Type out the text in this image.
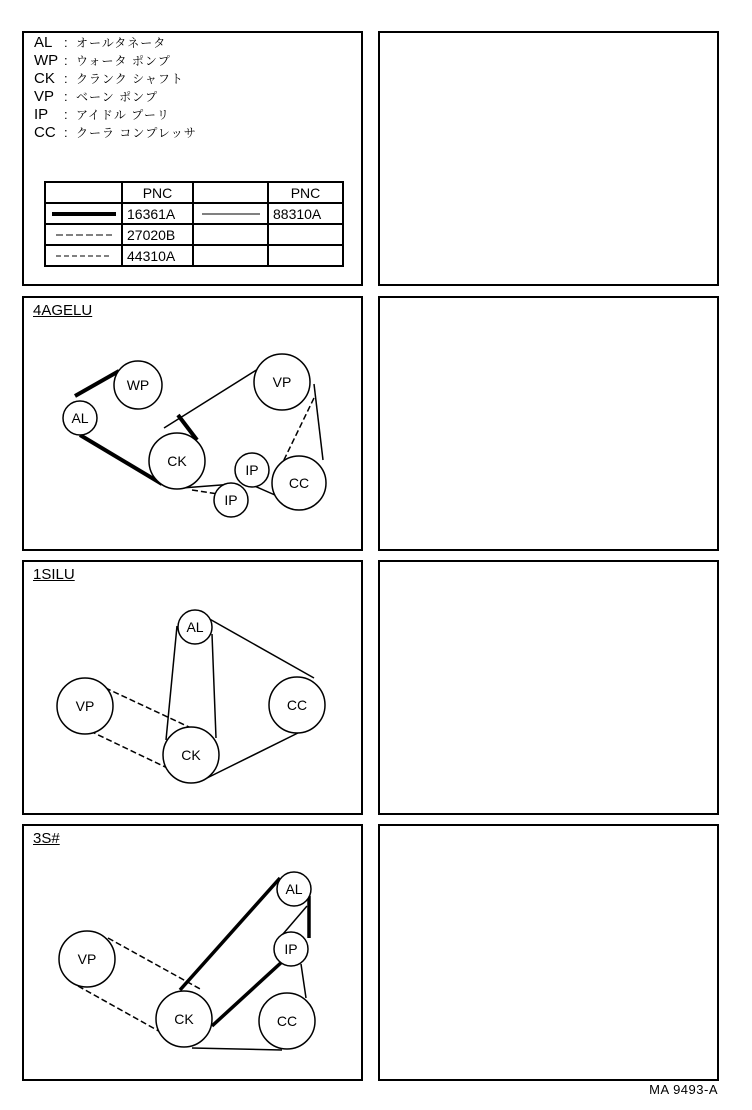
AL : オールタネータ
WP : ウォータ ポンプ
CK : クランク シャフト
VP : ベーン ポンプ
IP : アイドル プーリ
CC : クーラ コンプレッサ
	PNC		PNC

	16361A		88310A

	27020B		

	44310A		
4AGELU
AL
WP
CK
VP
IP
CC
IP
1SILU
AL
VP	CC
CK
3S#
AL
IP
VP
CK	CC
MA 9493-A
